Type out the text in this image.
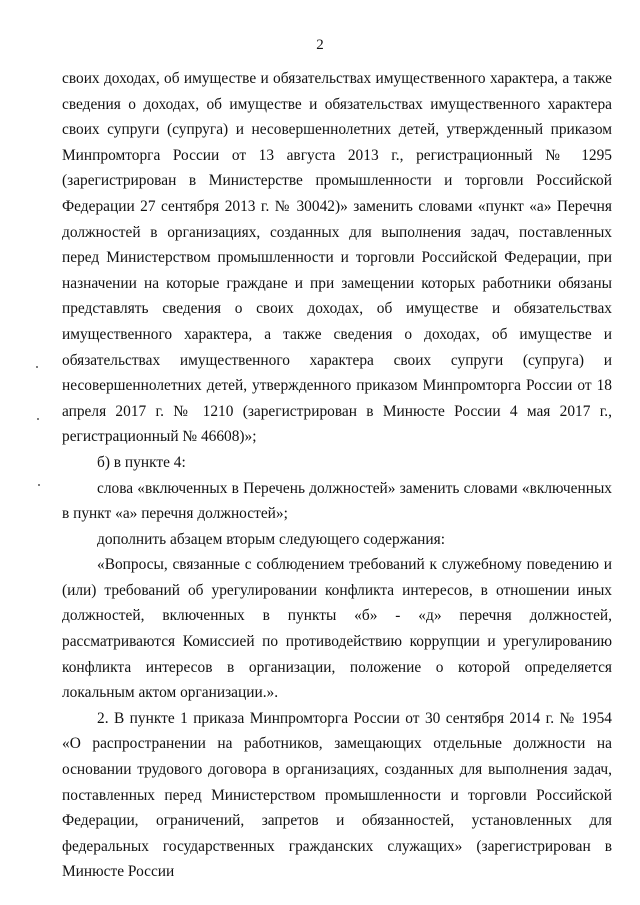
2

своих доходах, об имуществе и обязательствах имущественного характера, а также сведения о доходах, об имуществе и обязательствах имущественного характера своих супруги (супруга) и несовершеннолетних детей, утвержденный приказом Минпромторга России от 13 августа 2013 г., регистрационный № 1295 (зарегистрирован в Министерстве промышленности и торговли Российской Федерации 27 сентября 2013 г. № 30042)» заменить словами «пункт «а» Перечня должностей в организациях, созданных для выполнения задач, поставленных перед Министерством промышленности и торговли Российской Федерации, при назначении на которые граждане и при замещении которых работники обязаны представлять сведения о своих доходах, об имуществе и обязательствах имущественного характера, а также сведения о доходах, об имуществе и обязательствах имущественного характера своих супруги (супруга) и несовершеннолетних детей, утвержденного приказом Минпромторга России от 18 апреля 2017 г. № 1210 (зарегистрирован в Минюсте России 4 мая 2017 г., регистрационный № 46608)»;

б) в пункте 4:

слова «включенных в Перечень должностей» заменить словами «включенных в пункт «а» перечня должностей»;

дополнить абзацем вторым следующего содержания:

«Вопросы, связанные с соблюдением требований к служебному поведению и (или) требований об урегулировании конфликта интересов, в отношении иных должностей, включенных в пункты «б» - «д» перечня должностей, рассматриваются Комиссией по противодействию коррупции и урегулированию конфликта интересов в организации, положение о которой определяется локальным актом организации.».

2. В пункте 1 приказа Минпромторга России от 30 сентября 2014 г. № 1954 «О распространении на работников, замещающих отдельные должности на основании трудового договора в организациях, созданных для выполнения задач, поставленных перед Министерством промышленности и торговли Российской Федерации, ограничений, запретов и обязанностей, установленных для федеральных государственных гражданских служащих» (зарегистрирован в Минюсте России
